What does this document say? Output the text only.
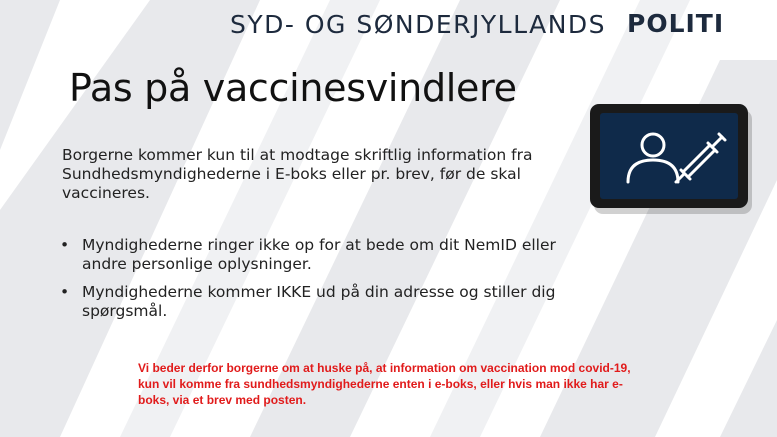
SYD- OG SØNDERJYLLANDS POLITI
Pas på vaccinesvindlere
Borgerne kommer kun til at modtage skriftlig information fra Sundhedsmyndighederne i E-boks eller pr. brev, før de skal vaccineres.
• Myndighederne ringer ikke op for at bede om dit NemID eller andre personlige oplysninger.
• Myndighederne kommer IKKE ud på din adresse og stiller dig spørgsmål.
Vi beder derfor borgerne om at huske på, at information om vaccination mod covid-19, kun vil komme fra sundhedsmyndighederne enten i e-boks, eller hvis man ikke har e-boks, via et brev med posten.
